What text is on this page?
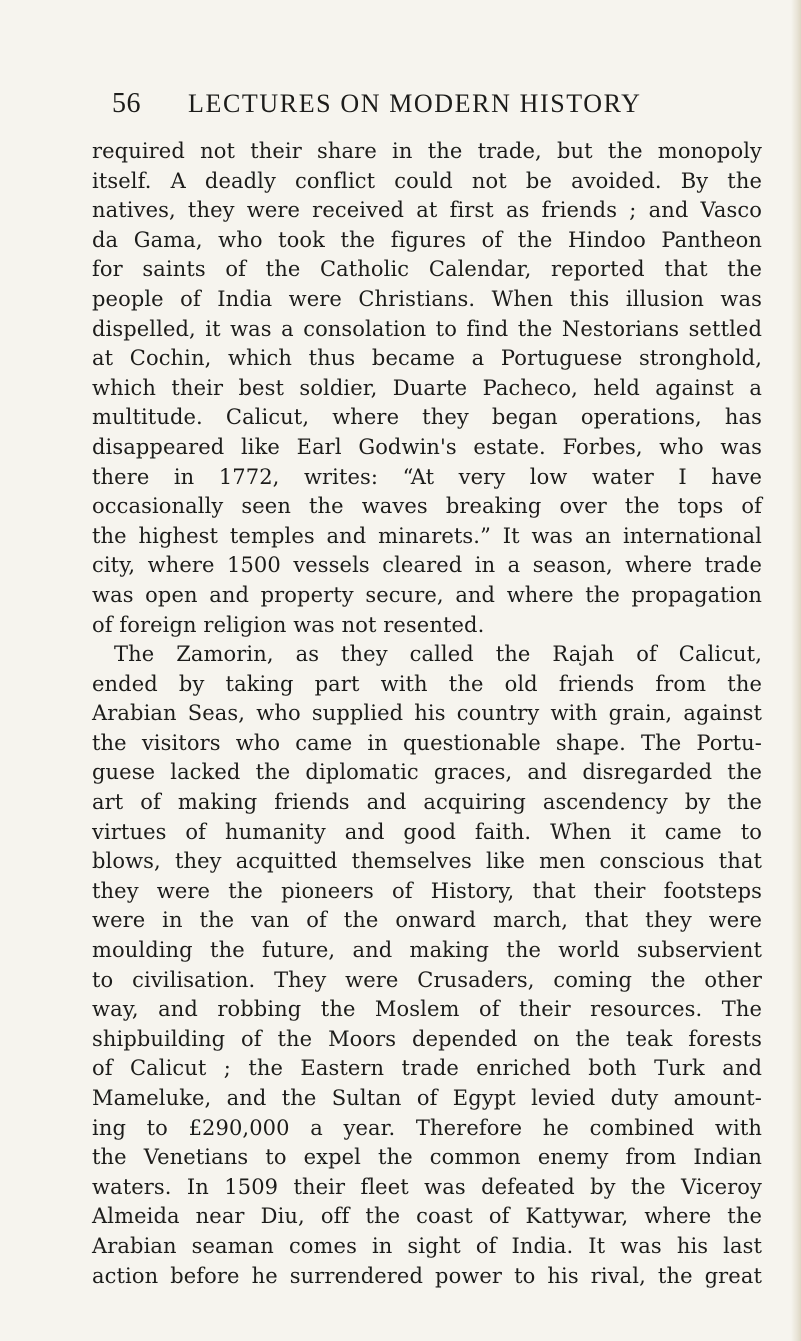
56	LECTURES ON MODERN HISTORY
required not their share in the trade, but the monopoly
itself. A deadly conflict could not be avoided. By the
natives, they were received at first as friends ; and Vasco
da Gama, who took the figures of the Hindoo Pantheon
for saints of the Catholic Calendar, reported that the
people of India were Christians. When this illusion was
dispelled, it was a consolation to find the Nestorians settled
at Cochin, which thus became a Portuguese stronghold,
which their best soldier, Duarte Pacheco, held against a
multitude. Calicut, where they began operations, has
disappeared like Earl Godwin's estate. Forbes, who was
there in 1772, writes: “At very low water I have
occasionally seen the waves breaking over the tops of
the highest temples and minarets.” It was an international
city, where 1500 vessels cleared in a season, where trade
was open and property secure, and where the propagation
of foreign religion was not resented.
The Zamorin, as they called the Rajah of Calicut,
ended by taking part with the old friends from the
Arabian Seas, who supplied his country with grain, against
the visitors who came in questionable shape. The Portu-
guese lacked the diplomatic graces, and disregarded the
art of making friends and acquiring ascendency by the
virtues of humanity and good faith. When it came to
blows, they acquitted themselves like men conscious that
they were the pioneers of History, that their footsteps
were in the van of the onward march, that they were
moulding the future, and making the world subservient
to civilisation. They were Crusaders, coming the other
way, and robbing the Moslem of their resources. The
shipbuilding of the Moors depended on the teak forests
of Calicut ; the Eastern trade enriched both Turk and
Mameluke, and the Sultan of Egypt levied duty amount-
ing to £290,000 a year. Therefore he combined with
the Venetians to expel the common enemy from Indian
waters. In 1509 their fleet was defeated by the Viceroy
Almeida near Diu, off the coast of Kattywar, where the
Arabian seaman comes in sight of India. It was his last
action before he surrendered power to his rival, the great
